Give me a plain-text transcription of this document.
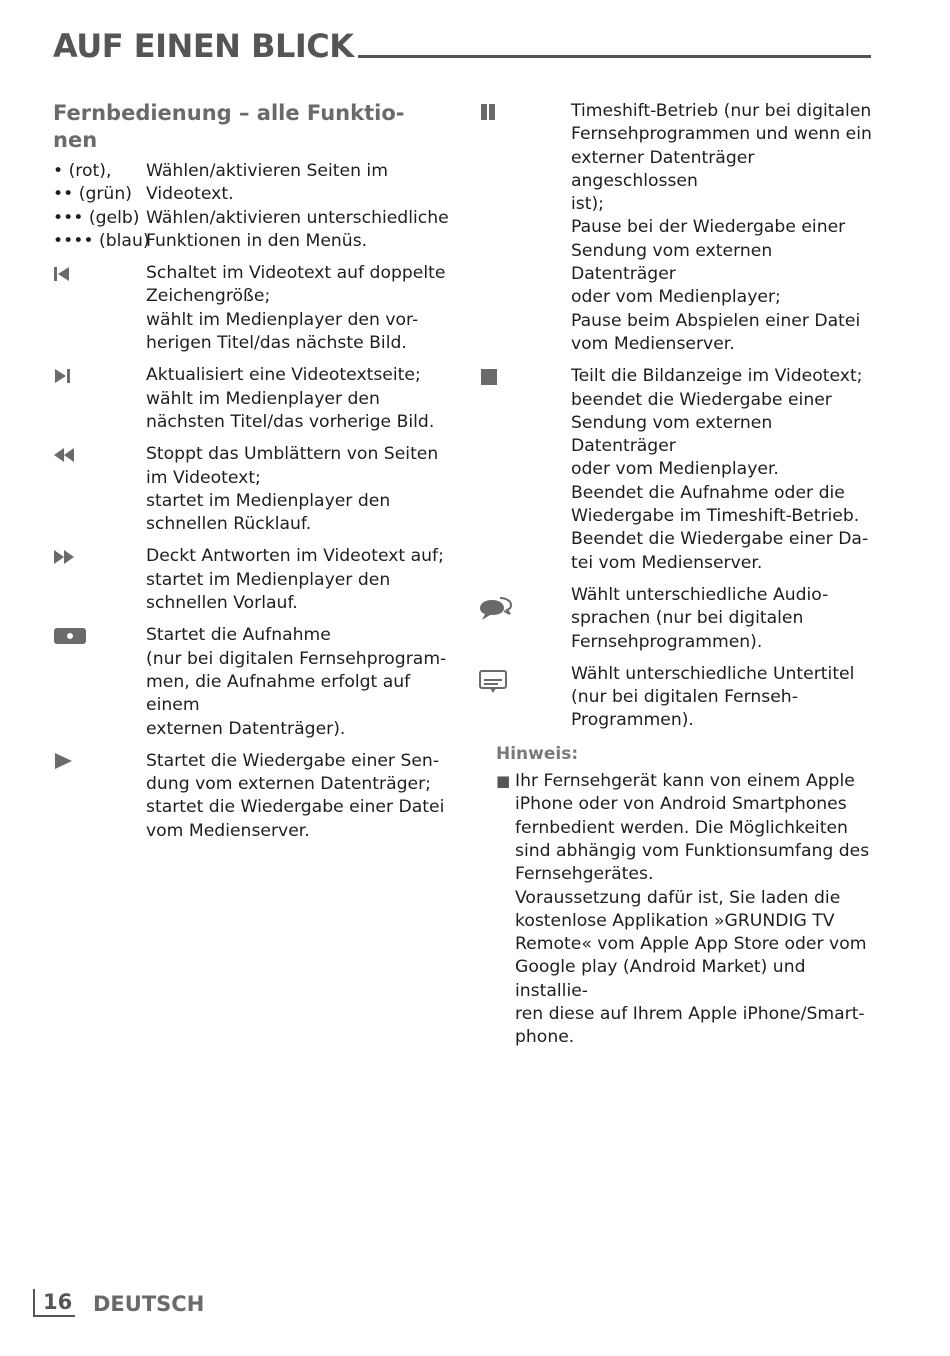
AUF EINEN BLICK
Fernbedienung – alle Funktio-
nen
• (rot),	Wählen/aktivieren Seiten im
•• (grün) Videotext.
••• (gelb) Wählen/aktivieren unterschiedliche
•••• (blau)
Funktionen in den Menüs.
Schaltet im Videotext auf doppelte
Zeichengröße;
wählt im Medienplayer den vor-
herigen Titel/das nächste Bild.
Aktualisiert eine Videotextseite;
wählt im Medienplayer den
nächsten Titel/das vorherige Bild.
Stoppt das Umblättern von Seiten
im Videotext;
startet im Medienplayer den
schnellen Rücklauf.
Deckt Antworten im Videotext auf;
startet im Medienplayer den
schnellen Vorlauf.
Startet die Aufnahme
(nur bei digitalen Fernsehprogram-
men, die Aufnahme erfolgt auf einem
externen Datenträger).
Startet die Wiedergabe einer Sen-
dung vom externen Datenträger;
startet die Wiedergabe einer Datei
vom Medienserver.
Timeshift-Betrieb (nur bei digitalen
Fernsehprogrammen und wenn ein
externer Datenträger angeschlossen
ist);
Pause bei der Wiedergabe einer
Sendung vom externen Datenträger
oder vom Medienplayer;
Pause beim Abspielen einer Datei
vom Medienserver.
Teilt die Bildanzeige im Videotext;
beendet die Wiedergabe einer
Sendung vom externen Datenträger
oder vom Medienplayer.
Beendet die Aufnahme oder die
Wiedergabe im Timeshift-Betrieb.
Beendet die Wiedergabe einer Da-
tei vom Medienserver.
Wählt unterschiedliche Audio-
sprachen (nur bei digitalen
Fernsehprogrammen).
Wählt unterschiedliche Untertitel
(nur bei digitalen Fernseh-
Programmen).
Hinweis:
■ Ihr Fernsehgerät kann von einem Apple
iPhone oder von Android Smartphones
fernbedient werden. Die Möglichkeiten
sind abhängig vom Funktionsumfang des
Fernsehgerätes.
Voraussetzung dafür ist, Sie laden die
kostenlose Applikation »GRUNDIG TV
Remote« vom Apple App Store oder vom
Google play (Android Market) und installie-
ren diese auf Ihrem Apple iPhone/Smart-
phone.
16 DEUTSCH
